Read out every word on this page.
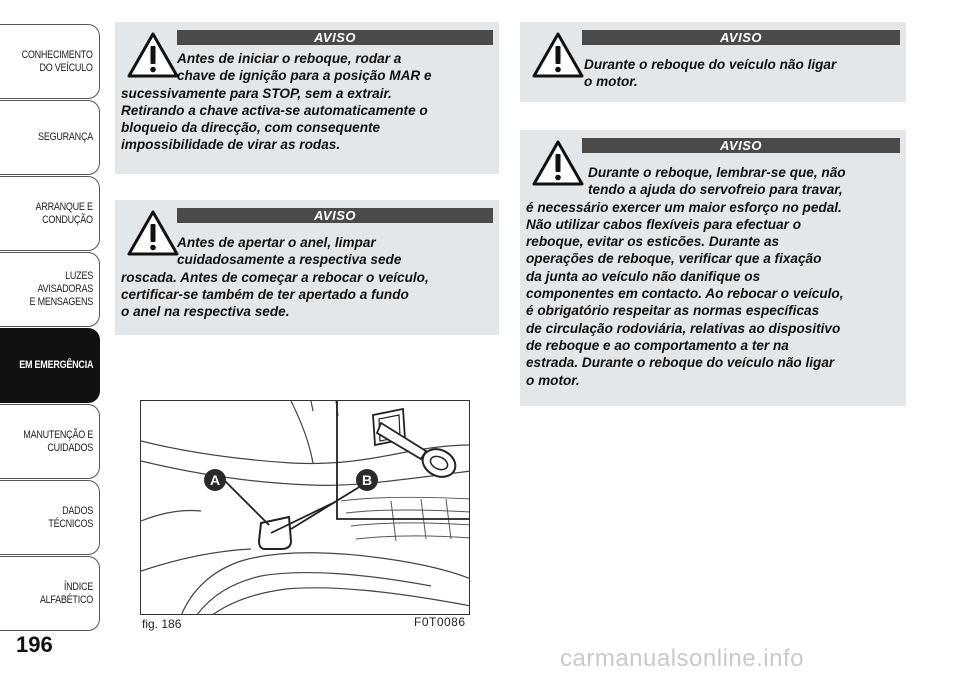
CONHECIMENTO
DO VEÍCULO
SEGURANÇA
ARRANQUE E
CONDUÇÃO
LUZES AVISADORAS
E MENSAGENS
EM EMERGÊNCIA
MANUTENÇÃO E
CUIDADOS
DADOS TÉCNICOS
ÍNDICE ALFABÉTICO
196
AVISO

Antes de iniciar o reboque, rodar a

chave de ignição para a posição MAR e

sucessivamente para STOP, sem a extrair.

Retirando a chave activa-se automaticamente o

bloqueio da direcção, com consequente

impossibilidade de virar as rodas.

AVISO

Antes de apertar o anel, limpar

cuidadosamente a respectiva sede

roscada. Antes de começar a rebocar o veículo,

certificar-se também de ter apertado a fundo

o anel na respectiva sede.

AVISO

Durante o reboque do veículo não ligar

o motor.

AVISO

Durante o reboque, lembrar-se que, não

tendo a ajuda do servofreio para travar,

é necessário exercer um maior esforço no pedal.

Não utilizar cabos flexíveis para efectuar o

reboque, evitar os esticões. Durante as

operações de reboque, verificar que a fixação

da junta ao veículo não danifique os

componentes em contacto. Ao rebocar o veículo,

é obrigatório respeitar as normas específicas

de circulação rodoviária, relativas ao dispositivo

de reboque e ao comportamento a ter na

estrada. Durante o reboque do veículo não ligar

o motor.

A	B
fig. 186	F0T0086
carmanualsonline.info
